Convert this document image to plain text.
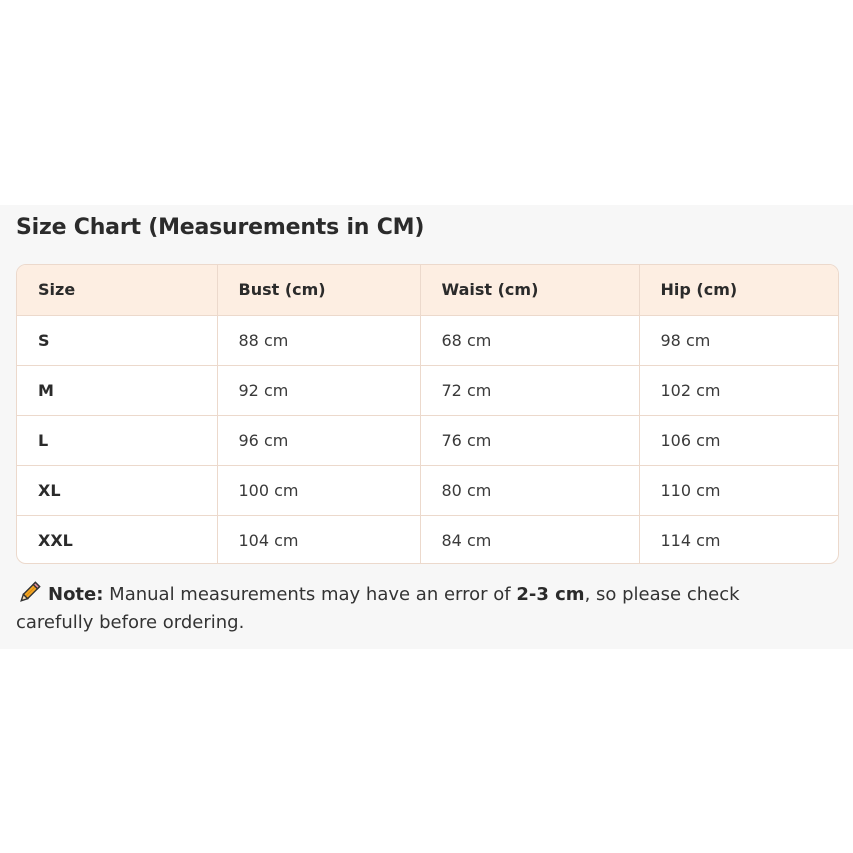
Size Chart (Measurements in CM)
Size	Bust (cm)	Waist (cm)	Hip (cm)
S	88 cm	68 cm	98 cm
M	92 cm	72 cm	102 cm
L	96 cm	76 cm	106 cm
XL	100 cm	80 cm	110 cm
XXL	104 cm	84 cm	114 cm

Note: Manual measurements may have an error of 2-3 cm, so please check carefully before ordering.
